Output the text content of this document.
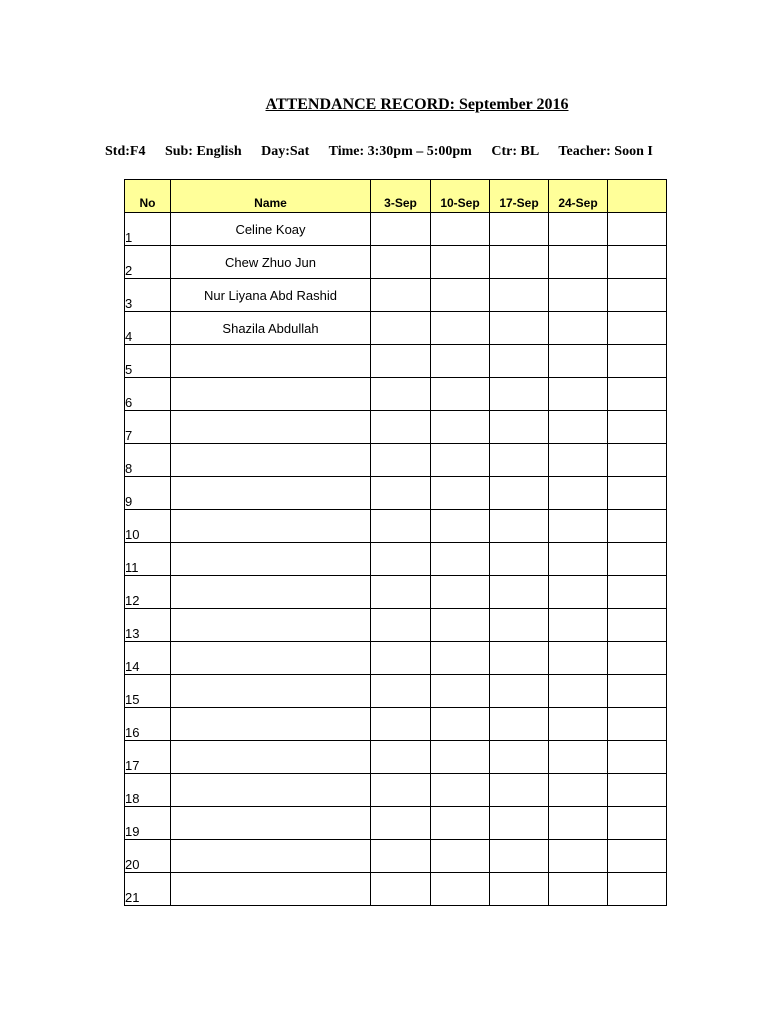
ATTENDANCE RECORD: September 2016
Std:F4 Sub: English Day:Sat Time: 3:30pm – 5:00pm Ctr: BL Teacher: Soon I
No	Name	3-Sep	10-Sep	17-Sep	24-Sep	
1	Celine Koay					
2	Chew Zhuo Jun					
3	Nur Liyana Abd Rashid					
4	Shazila Abdullah					
5						
6						
7						
8						
9						
10						
11						
12						
13						
14						
15						
16						
17						
18						
19						
20						
21						
